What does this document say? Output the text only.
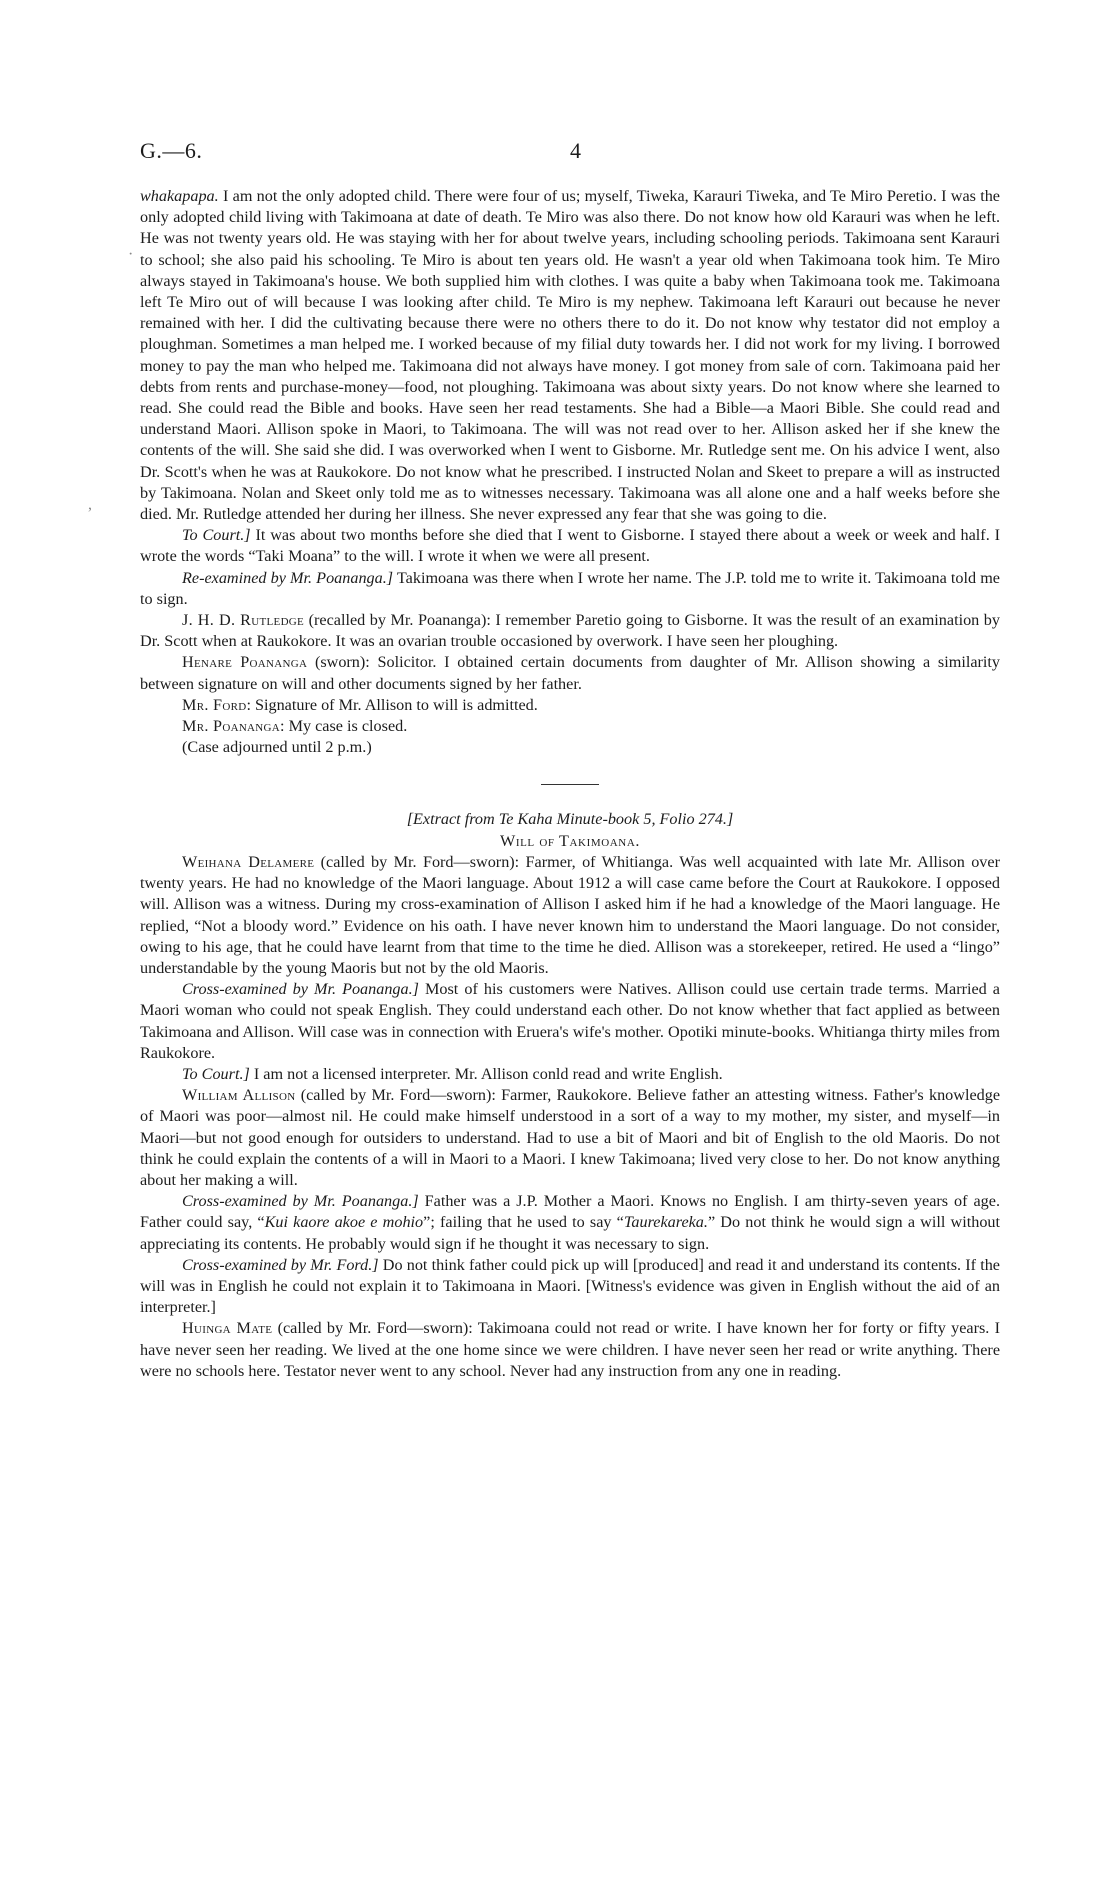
G.—6.	4
·
,

whakapapa. I am not the only adopted child. There were four of us; myself, Tiweka, Karauri Tiweka, and Te Miro Peretio. I was the only adopted child living with Takimoana at date of death. Te Miro was also there. Do not know how old Karauri was when he left. He was not twenty years old. He was staying with her for about twelve years, including schooling periods. Takimoana sent Karauri to school; she also paid his schooling. Te Miro is about ten years old. He wasn't a year old when Takimoana took him. Te Miro always stayed in Takimoana's house. We both supplied him with clothes. I was quite a baby when Takimoana took me. Takimoana left Te Miro out of will because I was looking after child. Te Miro is my nephew. Takimoana left Karauri out because he never remained with her. I did the cultivating because there were no others there to do it. Do not know why testator did not employ a ploughman. Sometimes a man helped me. I worked because of my filial duty towards her. I did not work for my living. I borrowed money to pay the man who helped me. Takimoana did not always have money. I got money from sale of corn. Takimoana paid her debts from rents and purchase-money—food, not ploughing. Takimoana was about sixty years. Do not know where she learned to read. She could read the Bible and books. Have seen her read testaments. She had a Bible—a Maori Bible. She could read and understand Maori. Allison spoke in Maori, to Takimoana. The will was not read over to her. Allison asked her if she knew the contents of the will. She said she did. I was overworked when I went to Gisborne. Mr. Rutledge sent me. On his advice I went, also Dr. Scott's when he was at Raukokore. Do not know what he prescribed. I instructed Nolan and Skeet to prepare a will as instructed by Takimoana. Nolan and Skeet only told me as to witnesses necessary. Takimoana was all alone one and a half weeks before she died. Mr. Rutledge attended her during her illness. She never expressed any fear that she was going to die.

To Court.] It was about two months before she died that I went to Gisborne. I stayed there about a week or week and half. I wrote the words “Taki Moana” to the will. I wrote it when we were all present.

Re-examined by Mr. Poananga.] Takimoana was there when I wrote her name. The J.P. told me to write it. Takimoana told me to sign.

J. H. D. Rutledge (recalled by Mr. Poananga): I remember Paretio going to Gisborne. It was the result of an examination by Dr. Scott when at Raukokore. It was an ovarian trouble occasioned by overwork. I have seen her ploughing.

Henare Poananga (sworn): Solicitor. I obtained certain documents from daughter of Mr. Allison showing a similarity between signature on will and other documents signed by her father.

Mr. Ford: Signature of Mr. Allison to will is admitted.

Mr. Poananga: My case is closed.

(Case adjourned until 2 p.m.)

[Extract from Te Kaha Minute-book 5, Folio 274.]

Will of Takimoana.

Weihana Delamere (called by Mr. Ford—sworn): Farmer, of Whitianga. Was well acquainted with late Mr. Allison over twenty years. He had no knowledge of the Maori language. About 1912 a will case came before the Court at Raukokore. I opposed will. Allison was a witness. During my cross-examination of Allison I asked him if he had a knowledge of the Maori language. He replied, “Not a bloody word.” Evidence on his oath. I have never known him to understand the Maori language. Do not consider, owing to his age, that he could have learnt from that time to the time he died. Allison was a storekeeper, retired. He used a “lingo” understandable by the young Maoris but not by the old Maoris.

Cross-examined by Mr. Poananga.] Most of his customers were Natives. Allison could use certain trade terms. Married a Maori woman who could not speak English. They could understand each other. Do not know whether that fact applied as between Takimoana and Allison. Will case was in connection with Eruera's wife's mother. Opotiki minute-books. Whitianga thirty miles from Raukokore.

To Court.] I am not a licensed interpreter. Mr. Allison conld read and write English.

William Allison (called by Mr. Ford—sworn): Farmer, Raukokore. Believe father an attesting witness. Father's knowledge of Maori was poor—almost nil. He could make himself understood in a sort of a way to my mother, my sister, and myself—in Maori—but not good enough for outsiders to understand. Had to use a bit of Maori and bit of English to the old Maoris. Do not think he could explain the contents of a will in Maori to a Maori. I knew Takimoana; lived very close to her. Do not know anything about her making a will.

Cross-examined by Mr. Poananga.] Father was a J.P. Mother a Maori. Knows no English. I am thirty-seven years of age. Father could say, “Kui kaore akoe e mohio”; failing that he used to say “Taurekareka.” Do not think he would sign a will without appreciating its contents. He probably would sign if he thought it was necessary to sign.

Cross-examined by Mr. Ford.] Do not think father could pick up will [produced] and read it and understand its contents. If the will was in English he could not explain it to Takimoana in Maori. [Witness's evidence was given in English without the aid of an interpreter.]

Huinga Mate (called by Mr. Ford—sworn): Takimoana could not read or write. I have known her for forty or fifty years. I have never seen her reading. We lived at the one home since we were children. I have never seen her read or write anything. There were no schools here. Testator never went to any school. Never had any instruction from any one in reading.
